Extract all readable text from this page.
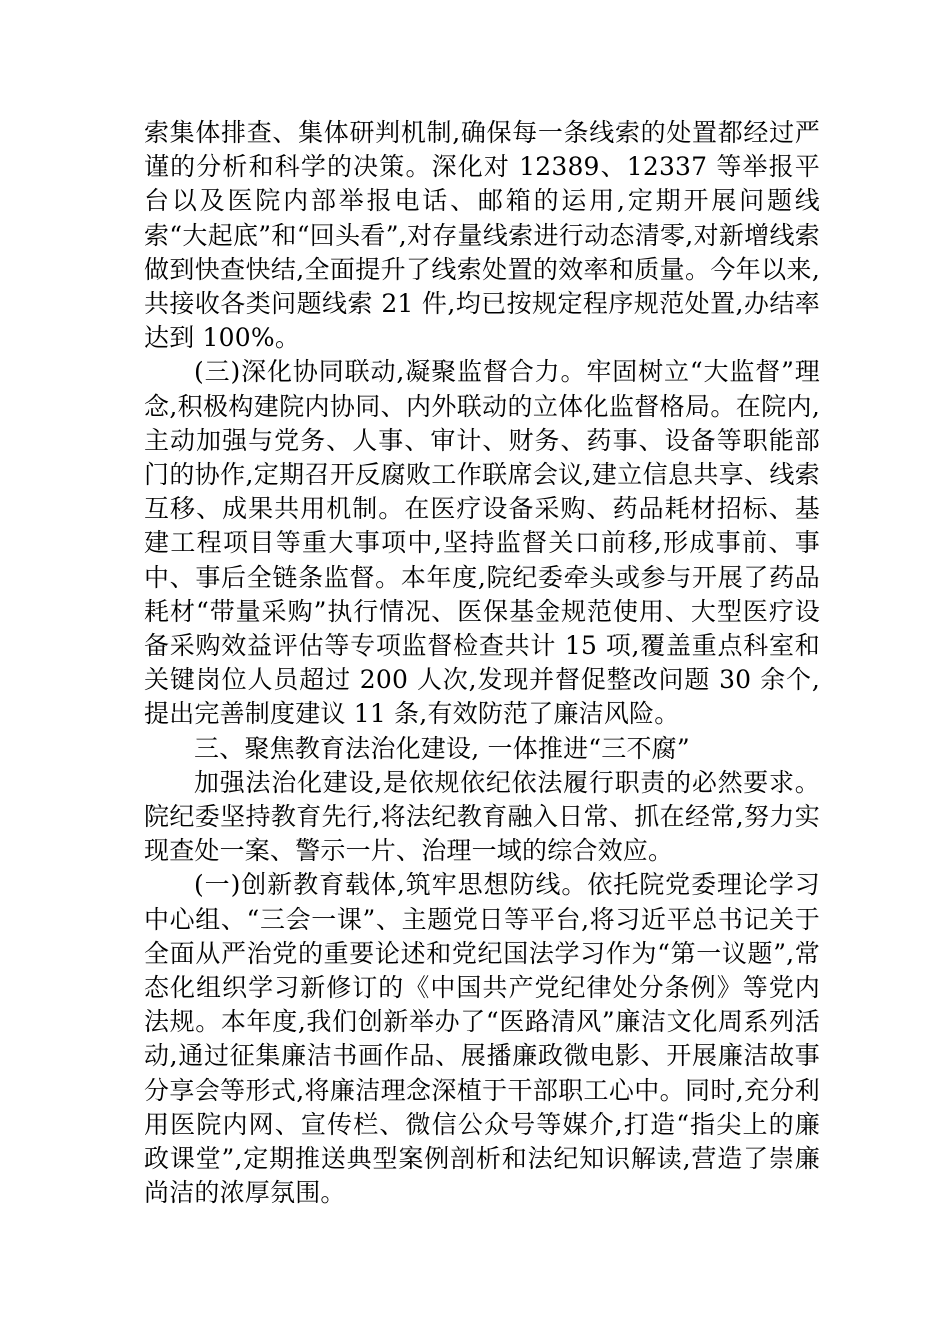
索集体排查、集体研判机制,确保每一条线索的处置都经过严谨的分析和科学的决策。深化对 12389、12337 等举报平台以及医院内部举报电话、邮箱的运用,定期开展问题线索“大起底”和“回头看”,对存量线索进行动态清零,对新增线索做到快查快结,全面提升了线索处置的效率和质量。今年以来,共接收各类问题线索 21 件,均已按规定程序规范处置,办结率达到 100%。

(三)深化协同联动,凝聚监督合力。牢固树立“大监督”理念,积极构建院内协同、内外联动的立体化监督格局。在院内,主动加强与党务、人事、审计、财务、药事、设备等职能部门的协作,定期召开反腐败工作联席会议,建立信息共享、线索互移、成果共用机制。在医疗设备采购、药品耗材招标、基建工程项目等重大事项中,坚持监督关口前移,形成事前、事中、事后全链条监督。本年度,院纪委牵头或参与开展了药品耗材“带量采购”执行情况、医保基金规范使用、大型医疗设备采购效益评估等专项监督检查共计 15 项,覆盖重点科室和关键岗位人员超过 200 人次,发现并督促整改问题 30 余个,提出完善制度建议 11 条,有效防范了廉洁风险。

三、聚焦教育法治化建设, 一体推进“三不腐”

加强法治化建设,是依规依纪依法履行职责的必然要求。院纪委坚持教育先行,将法纪教育融入日常、抓在经常,努力实现查处一案、警示一片、治理一域的综合效应。

(一)创新教育载体,筑牢思想防线。依托院党委理论学习中心组、“三会一课”、主题党日等平台,将习近平总书记关于全面从严治党的重要论述和党纪国法学习作为“第一议题”,常态化组织学习新修订的《中国共产党纪律处分条例》等党内法规。本年度,我们创新举办了“医路清风”廉洁文化周系列活动,通过征集廉洁书画作品、展播廉政微电影、开展廉洁故事分享会等形式,将廉洁理念深植于干部职工心中。同时,充分利用医院内网、宣传栏、微信公众号等媒介,打造“指尖上的廉政课堂”,定期推送典型案例剖析和法纪知识解读,营造了崇廉尚洁的浓厚氛围。
